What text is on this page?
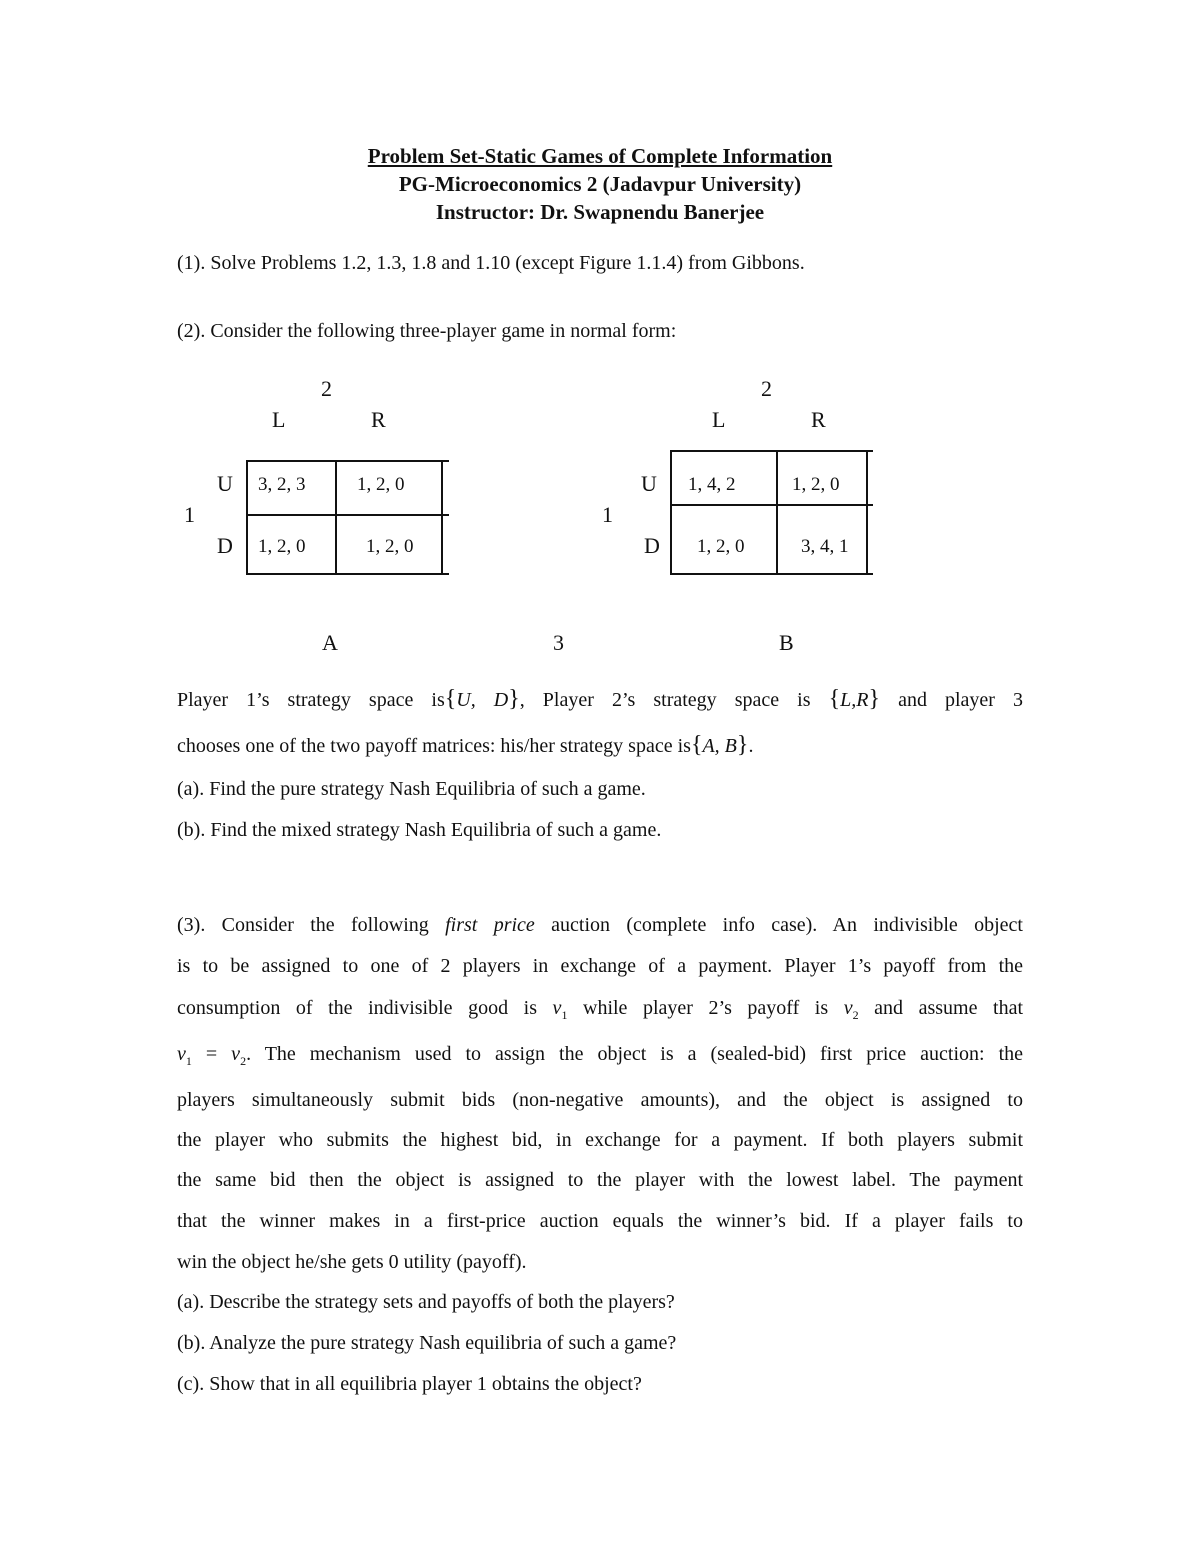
Problem Set-Static Games of Complete Information
PG-Microeconomics 2 (Jadavpur University)
Instructor: Dr. Swapnendu Banerjee
(1). Solve Problems 1.2, 1.3, 1.8 and 1.10 (except Figure 1.1.4) from Gibbons.
(2). Consider the following three-player game in normal form:
2
L	R
U
D
1
3, 2, 3	1, 2, 0
1, 2, 0	1, 2, 0
A	3
2
L	R
U
D
1
1, 4, 2	1, 2, 0
1, 2, 0	3, 4, 1
B
Player 1’s strategy space is{U, D}, Player 2’s strategy space is {L,R} and player 3
chooses one of the two payoff matrices: his/her strategy space is{A, B}.
(a). Find the pure strategy Nash Equilibria of such a game.
(b). Find the mixed strategy Nash Equilibria of such a game.
(3). Consider the following first price auction (complete info case). An indivisible object
is to be assigned to one of 2 players in exchange of a payment. Player 1’s payoff from the
consumption of the indivisible good is $v_1$ while player 2’s payoff is $v_2$ and assume that
$v_1 = v_2$. The mechanism used to assign the object is a (sealed-bid) first price auction: the
players simultaneously submit bids (non-negative amounts), and the object is assigned to
the player who submits the highest bid, in exchange for a payment. If both players submit
the same bid then the object is assigned to the player with the lowest label. The payment
that the winner makes in a first-price auction equals the winner’s bid. If a player fails to
win the object he/she gets 0 utility (payoff).
(a). Describe the strategy sets and payoffs of both the players?
(b). Analyze the pure strategy Nash equilibria of such a game?
(c). Show that in all equilibria player 1 obtains the object?
